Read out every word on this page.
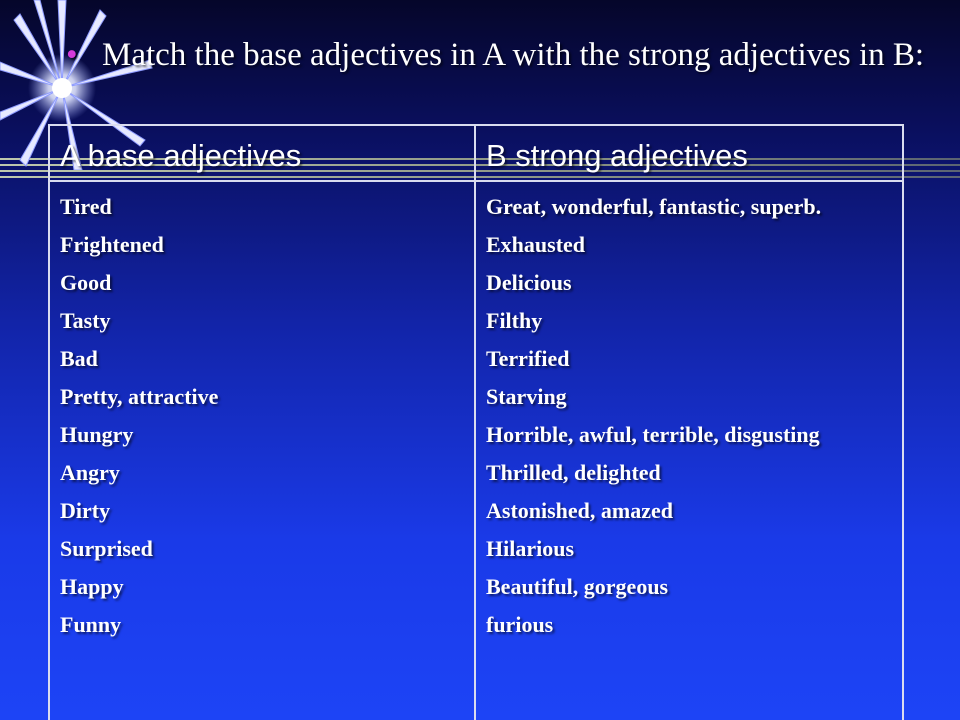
• Match the base adjectives in A with the strong adjectives in B:
A base adjectives	B strong adjectives
Tired
Frightened
Good
Tasty
Bad
Pretty, attractive
Hungry
Angry
Dirty
Surprised
Happy
Funny
Great, wonderful, fantastic, superb.
Exhausted
Delicious
Filthy
Terrified
Starving
Horrible, awful, terrible, disgusting
Thrilled, delighted
Astonished, amazed
Hilarious
Beautiful, gorgeous
furious
